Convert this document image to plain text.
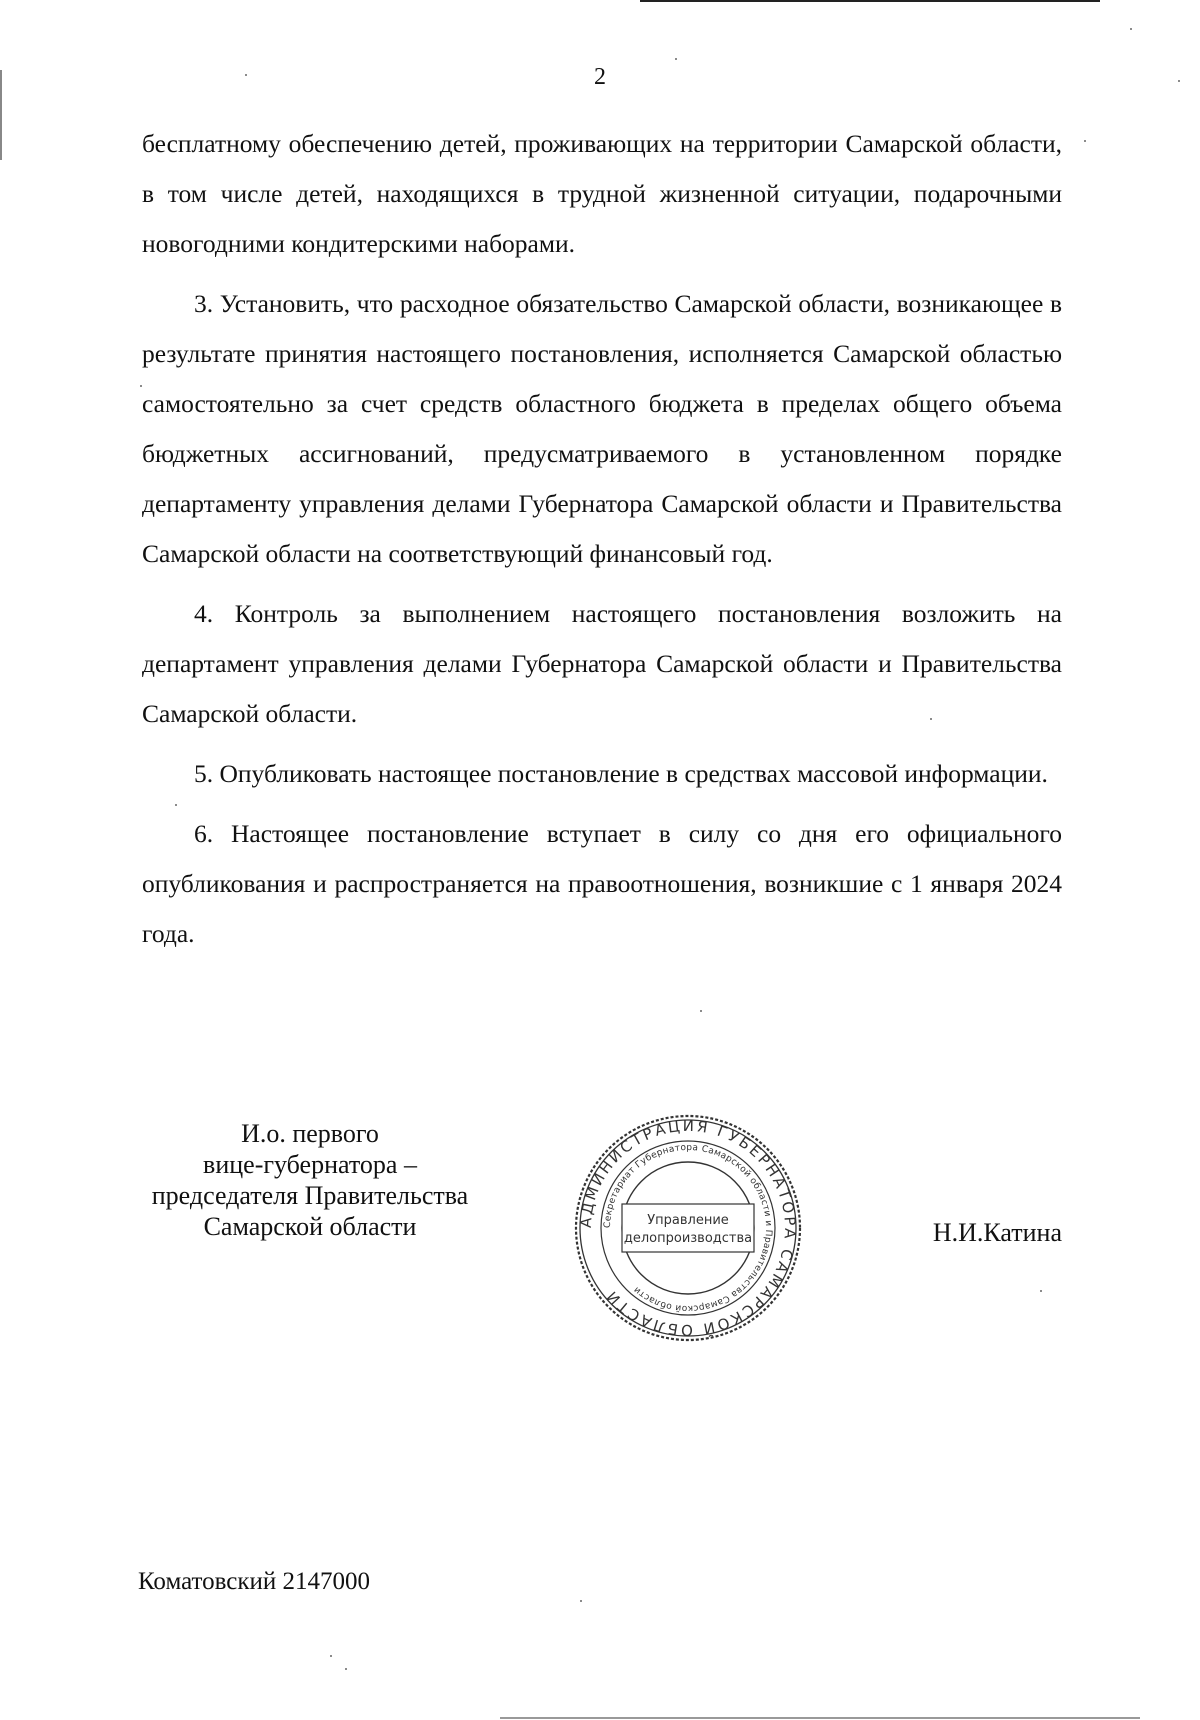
2

бесплатному обеспечению детей, проживающих на территории Самарской области, в том числе детей, находящихся в трудной жизненной ситуации, подарочными новогодними кондитерскими наборами.

3. Установить, что расходное обязательство Самарской области, возникающее в результате принятия настоящего постановления, исполняется Самарской областью самостоятельно за счет средств областного бюджета в пределах общего объема бюджетных ассигнований, предусматриваемого в установленном порядке департаменту управления делами Губернатора Самарской области и Правительства Самарской области на соответствующий финансовый год.

4. Контроль за выполнением настоящего постановления возложить на департамент управления делами Губернатора Самарской области и Правительства Самарской области.

5. Опубликовать настоящее постановление в средствах массовой информации.

6. Настоящее постановление вступает в силу со дня его официального опубликования и распространяется на правоотношения, возникшие с 1 января 2024 года.

И.о. первого
вице-губернатора –
председателя Правительства
Самарской области	АДМИНИСТРАЦИЯ ГУБЕРНАТОРА САМАРСКОЙ ОБЛАСТИ
Секретариат Губернатора Самарской области и Правительства Самарской области
Управление
делопроизводства	Н.И.Катина
Коматовский 2147000
